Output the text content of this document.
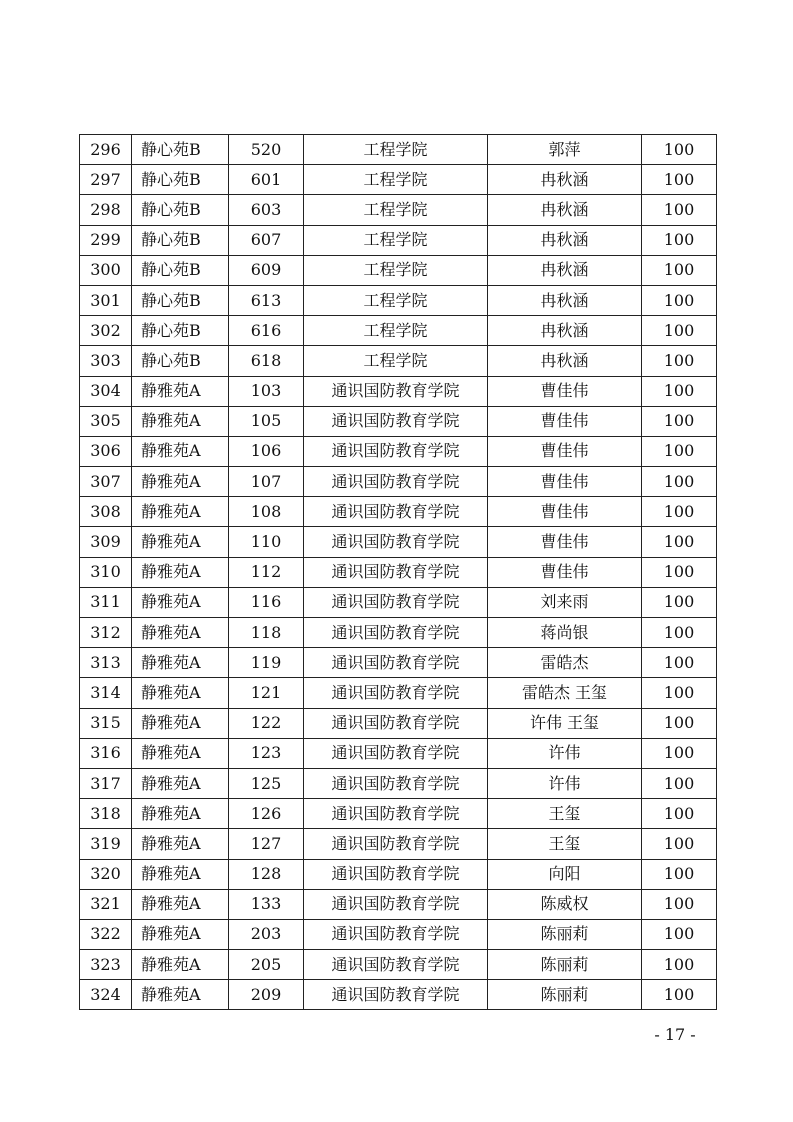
296	静心苑B	520	工程学院	郭萍	100
297	静心苑B	601	工程学院	冉秋涵	100
298	静心苑B	603	工程学院	冉秋涵	100
299	静心苑B	607	工程学院	冉秋涵	100
300	静心苑B	609	工程学院	冉秋涵	100
301	静心苑B	613	工程学院	冉秋涵	100
302	静心苑B	616	工程学院	冉秋涵	100
303	静心苑B	618	工程学院	冉秋涵	100
304	静雅苑A	103	通识国防教育学院	曹佳伟	100
305	静雅苑A	105	通识国防教育学院	曹佳伟	100
306	静雅苑A	106	通识国防教育学院	曹佳伟	100
307	静雅苑A	107	通识国防教育学院	曹佳伟	100
308	静雅苑A	108	通识国防教育学院	曹佳伟	100
309	静雅苑A	110	通识国防教育学院	曹佳伟	100
310	静雅苑A	112	通识国防教育学院	曹佳伟	100
311	静雅苑A	116	通识国防教育学院	刘来雨	100
312	静雅苑A	118	通识国防教育学院	蒋尚银	100
313	静雅苑A	119	通识国防教育学院	雷皓杰	100
314	静雅苑A	121	通识国防教育学院	雷皓杰 王玺	100
315	静雅苑A	122	通识国防教育学院	许伟 王玺	100
316	静雅苑A	123	通识国防教育学院	许伟	100
317	静雅苑A	125	通识国防教育学院	许伟	100
318	静雅苑A	126	通识国防教育学院	王玺	100
319	静雅苑A	127	通识国防教育学院	王玺	100
320	静雅苑A	128	通识国防教育学院	向阳	100
321	静雅苑A	133	通识国防教育学院	陈威权	100
322	静雅苑A	203	通识国防教育学院	陈丽莉	100
323	静雅苑A	205	通识国防教育学院	陈丽莉	100
324	静雅苑A	209	通识国防教育学院	陈丽莉	100
- 17 -
